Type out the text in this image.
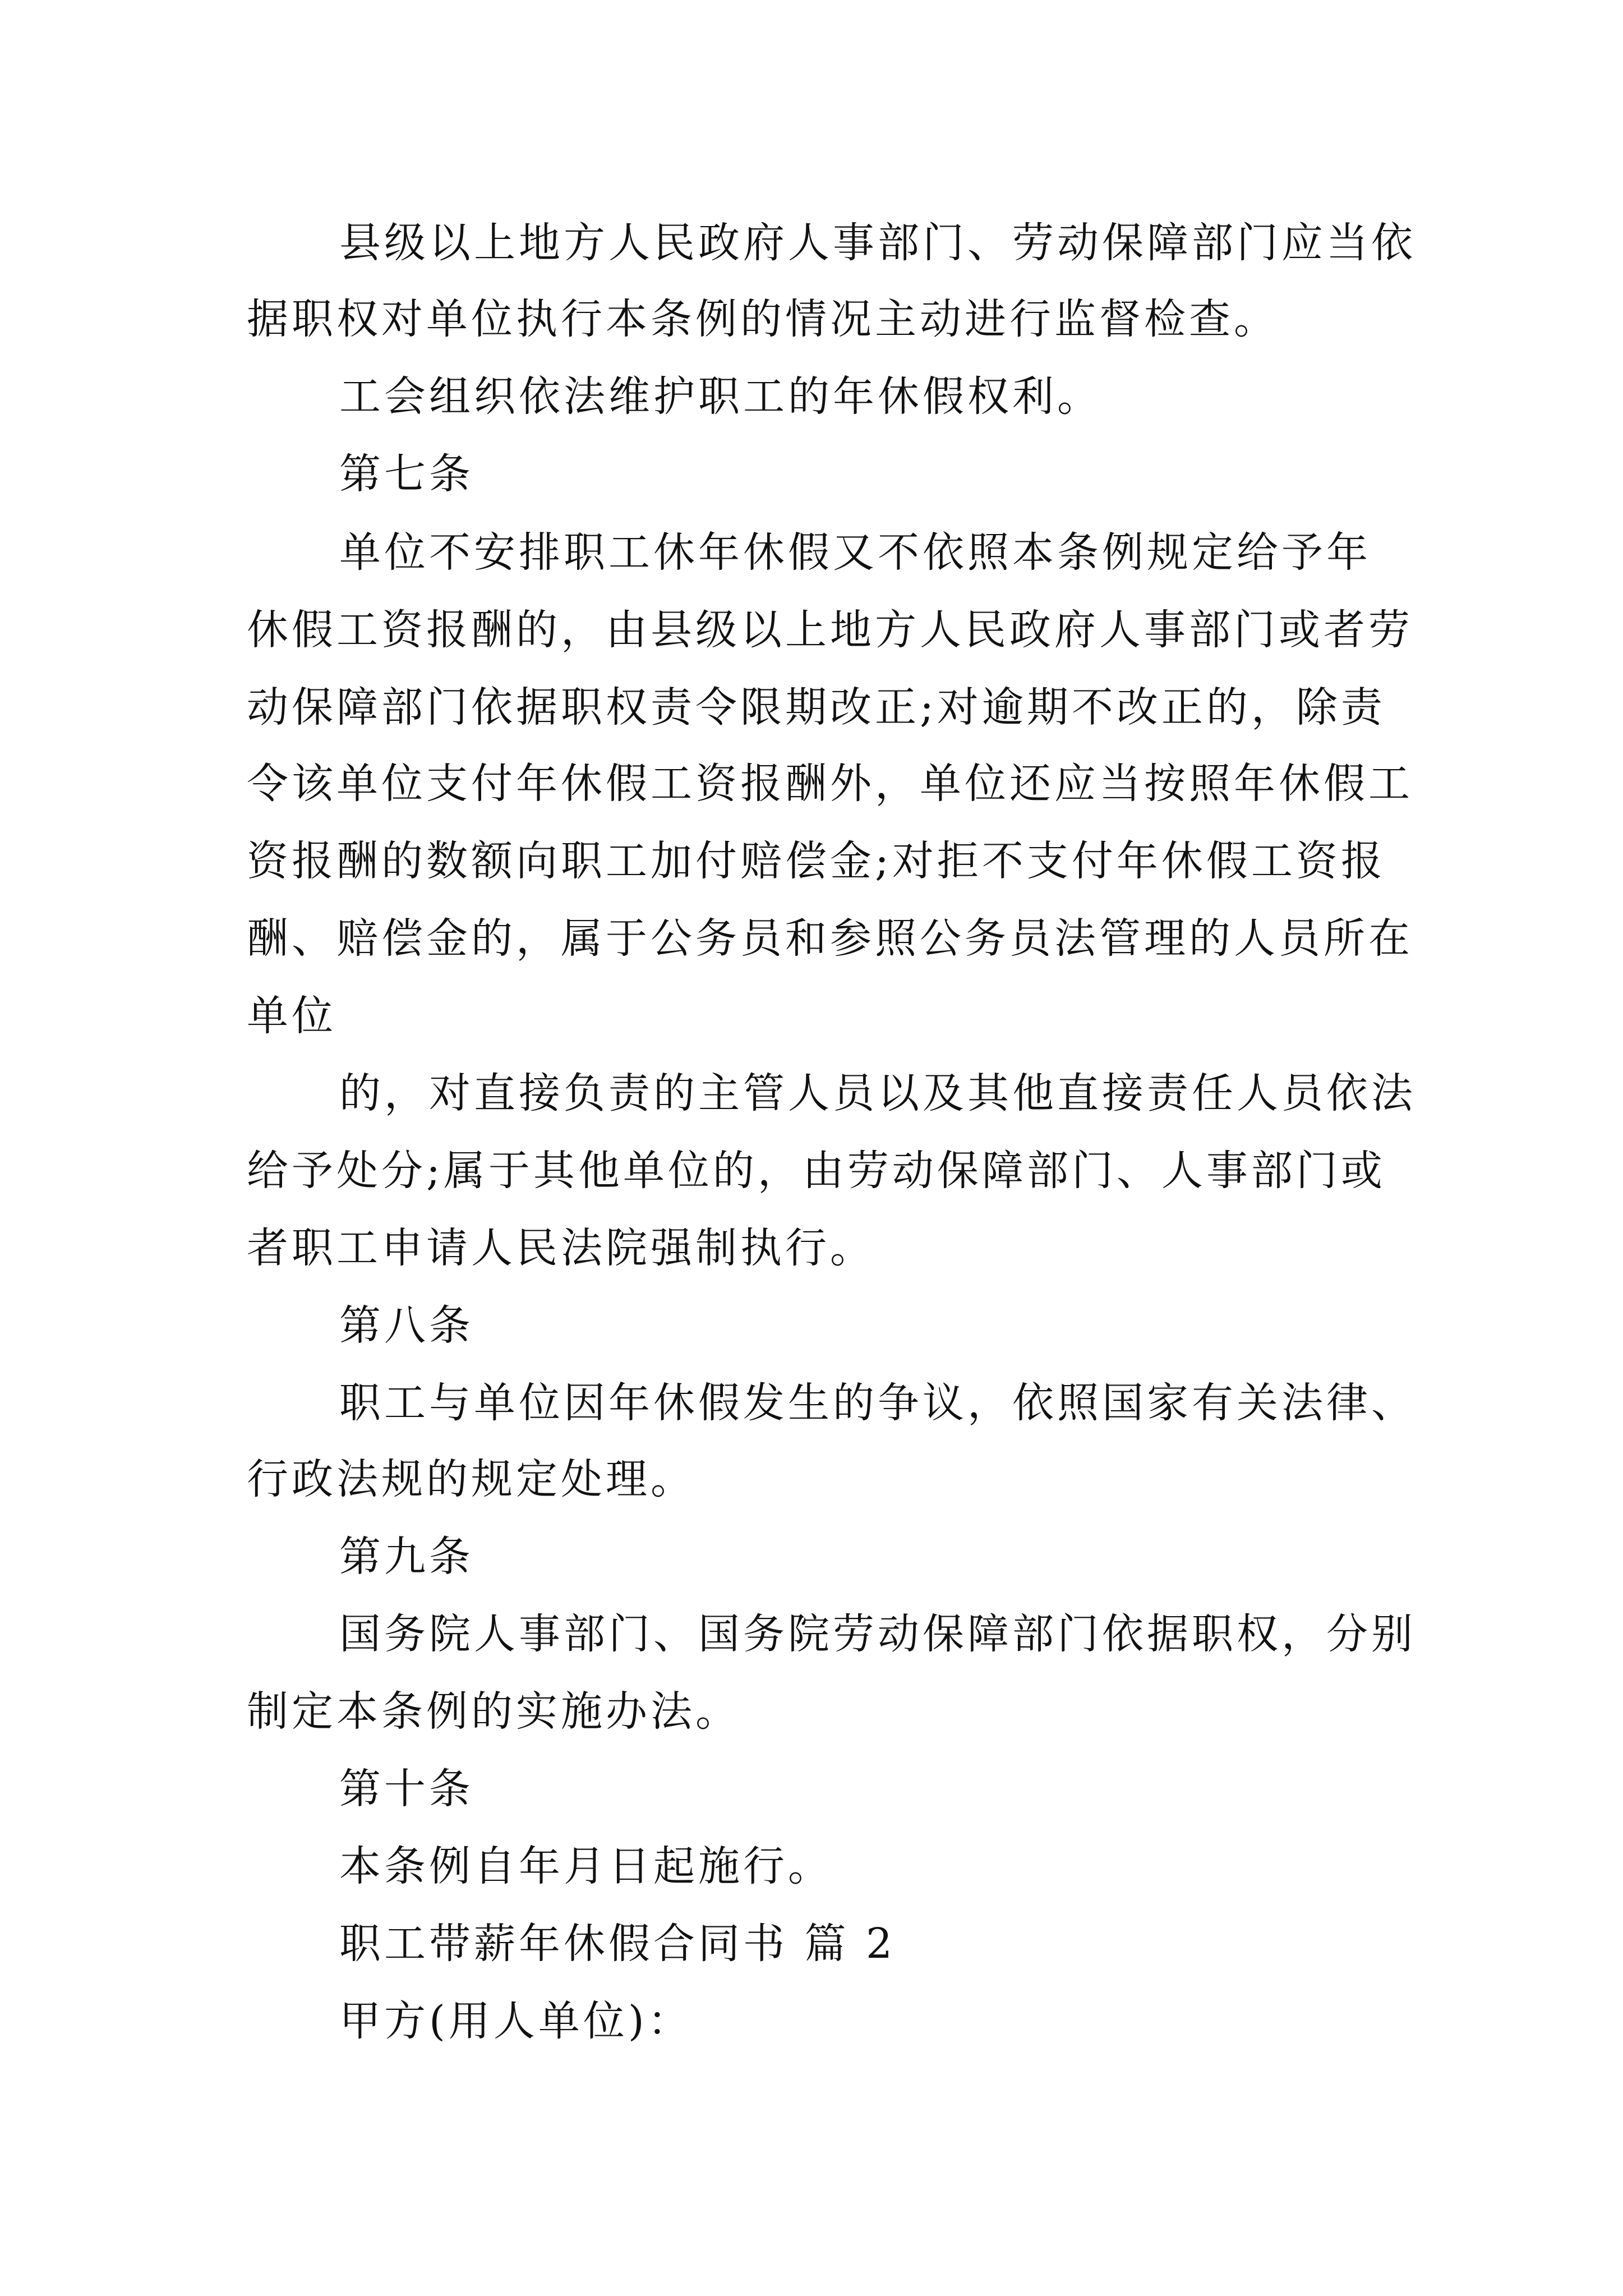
县级以上地方人民政府人事部门、劳动保障部门应当依
据职权对单位执行本条例的情况主动进行监督检查。
工会组织依法维护职工的年休假权利。
第七条
单位不安排职工休年休假又不依照本条例规定给予年
休假工资报酬的，由县级以上地方人民政府人事部门或者劳
动保障部门依据职权责令限期改正;对逾期不改正的，除责
令该单位支付年休假工资报酬外，单位还应当按照年休假工
资报酬的数额向职工加付赔偿金;对拒不支付年休假工资报
酬、赔偿金的，属于公务员和参照公务员法管理的人员所在
单位
的，对直接负责的主管人员以及其他直接责任人员依法
给予处分;属于其他单位的，由劳动保障部门、人事部门或
者职工申请人民法院强制执行。
第八条
职工与单位因年休假发生的争议，依照国家有关法律、
行政法规的规定处理。
第九条
国务院人事部门、国务院劳动保障部门依据职权，分别
制定本条例的实施办法。
第十条
本条例自年月日起施行。
职工带薪年休假合同书 篇 2
甲方(用人单位)：
